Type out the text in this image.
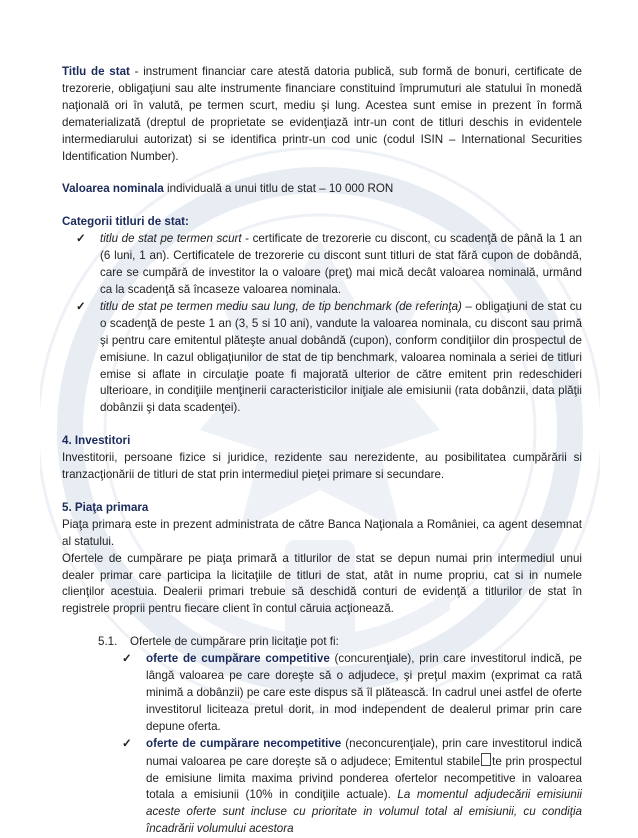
Titlu de stat - instrument financiar care atestă datoria publică, sub formă de bonuri, certificate de trezorerie, obligaţiuni sau alte instrumente financiare constituind împrumuturi ale statului în monedă naţională ori în valută, pe termen scurt, mediu şi lung. Acestea sunt emise in prezent în formă dematerializată (dreptul de proprietate se evidenţiază intr-un cont de titluri deschis in evidentele intermediarului autorizat) si se identifica printr-un cod unic (codul ISIN – International Securities Identification Number).

Valoarea nominala individuală a unui titlu de stat – 10 000 RON

Categorii titluri de stat:

✓ titlu de stat pe termen scurt - certificate de trezorerie cu discont, cu scadenţă de până la 1 an (6 luni, 1 an). Certificatele de trezorerie cu discont sunt titluri de stat fără cupon de dobândă, care se cumpără de investitor la o valoare (preţ) mai mică decât valoarea nominală, urmând ca la scadenţă să încaseze valoarea nominala.
✓ titlu de stat pe termen mediu sau lung, de tip benchmark (de referinţa) – obligaţiuni de stat cu o scadenţă de peste 1 an (3, 5 si 10 ani), vandute la valoarea nominala, cu discont sau primă şi pentru care emitentul plăteşte anual dobândă (cupon), conform condiţiilor din prospectul de emisiune. In cazul obligaţiunilor de stat de tip benchmark, valoarea nominala a seriei de titluri emise si aflate in circulaţie poate fi majorată ulterior de către emitent prin redeschideri ulterioare, in condiţiile menţinerii caracteristicilor iniţiale ale emisiunii (rata dobânzii, data plăţii dobânzii şi data scadenţei).

4. Investitori

Investitorii, persoane fizice si juridice, rezidente sau nerezidente, au posibilitatea cumpărării si tranzacţionării de titluri de stat prin intermediul pieţei primare si secundare.

5. Piaţa primara

Piaţa primara este in prezent administrata de către Banca Naţionala a României, ca agent desemnat al statului.

Ofertele de cumpărare pe piaţa primară a titlurilor de stat se depun numai prin intermediul unui dealer primar care participa la licitaţiile de titluri de stat, atât in nume propriu, cat si in numele clienţilor acestuia. Dealerii primari trebuie să deschidă conturi de evidenţă a titlurilor de stat în registrele proprii pentru fiecare client în contul căruia acţionează.

5.1. Ofertele de cumpărare prin licitaţie pot fi:

✓ oferte de cumpărare competitive (concurenţiale), prin care investitorul indică, pe lângă valoarea pe care doreşte să o adjudece, şi preţul maxim (exprimat ca rată minimă a dobânzii) pe care este dispus să îl plătească. In cadrul unei astfel de oferte investitorul liciteaza pretul dorit, in mod independent de dealerul primar prin care depune oferta.
✓ oferte de cumpărare necompetitive (neconcurenţiale), prin care investitorul indică numai valoarea pe care doreşte să o adjudece; Emitentul stabile te prin prospectul de emisiune limita maxima privind ponderea ofertelor necompetitive in valoarea totala a emisiunii (10% in condiţiile actuale). La momentul adjudecării emisiunii aceste oferte sunt incluse cu prioritate in volumul total al emisiunii, cu condiţia încadrării volumului acestora
